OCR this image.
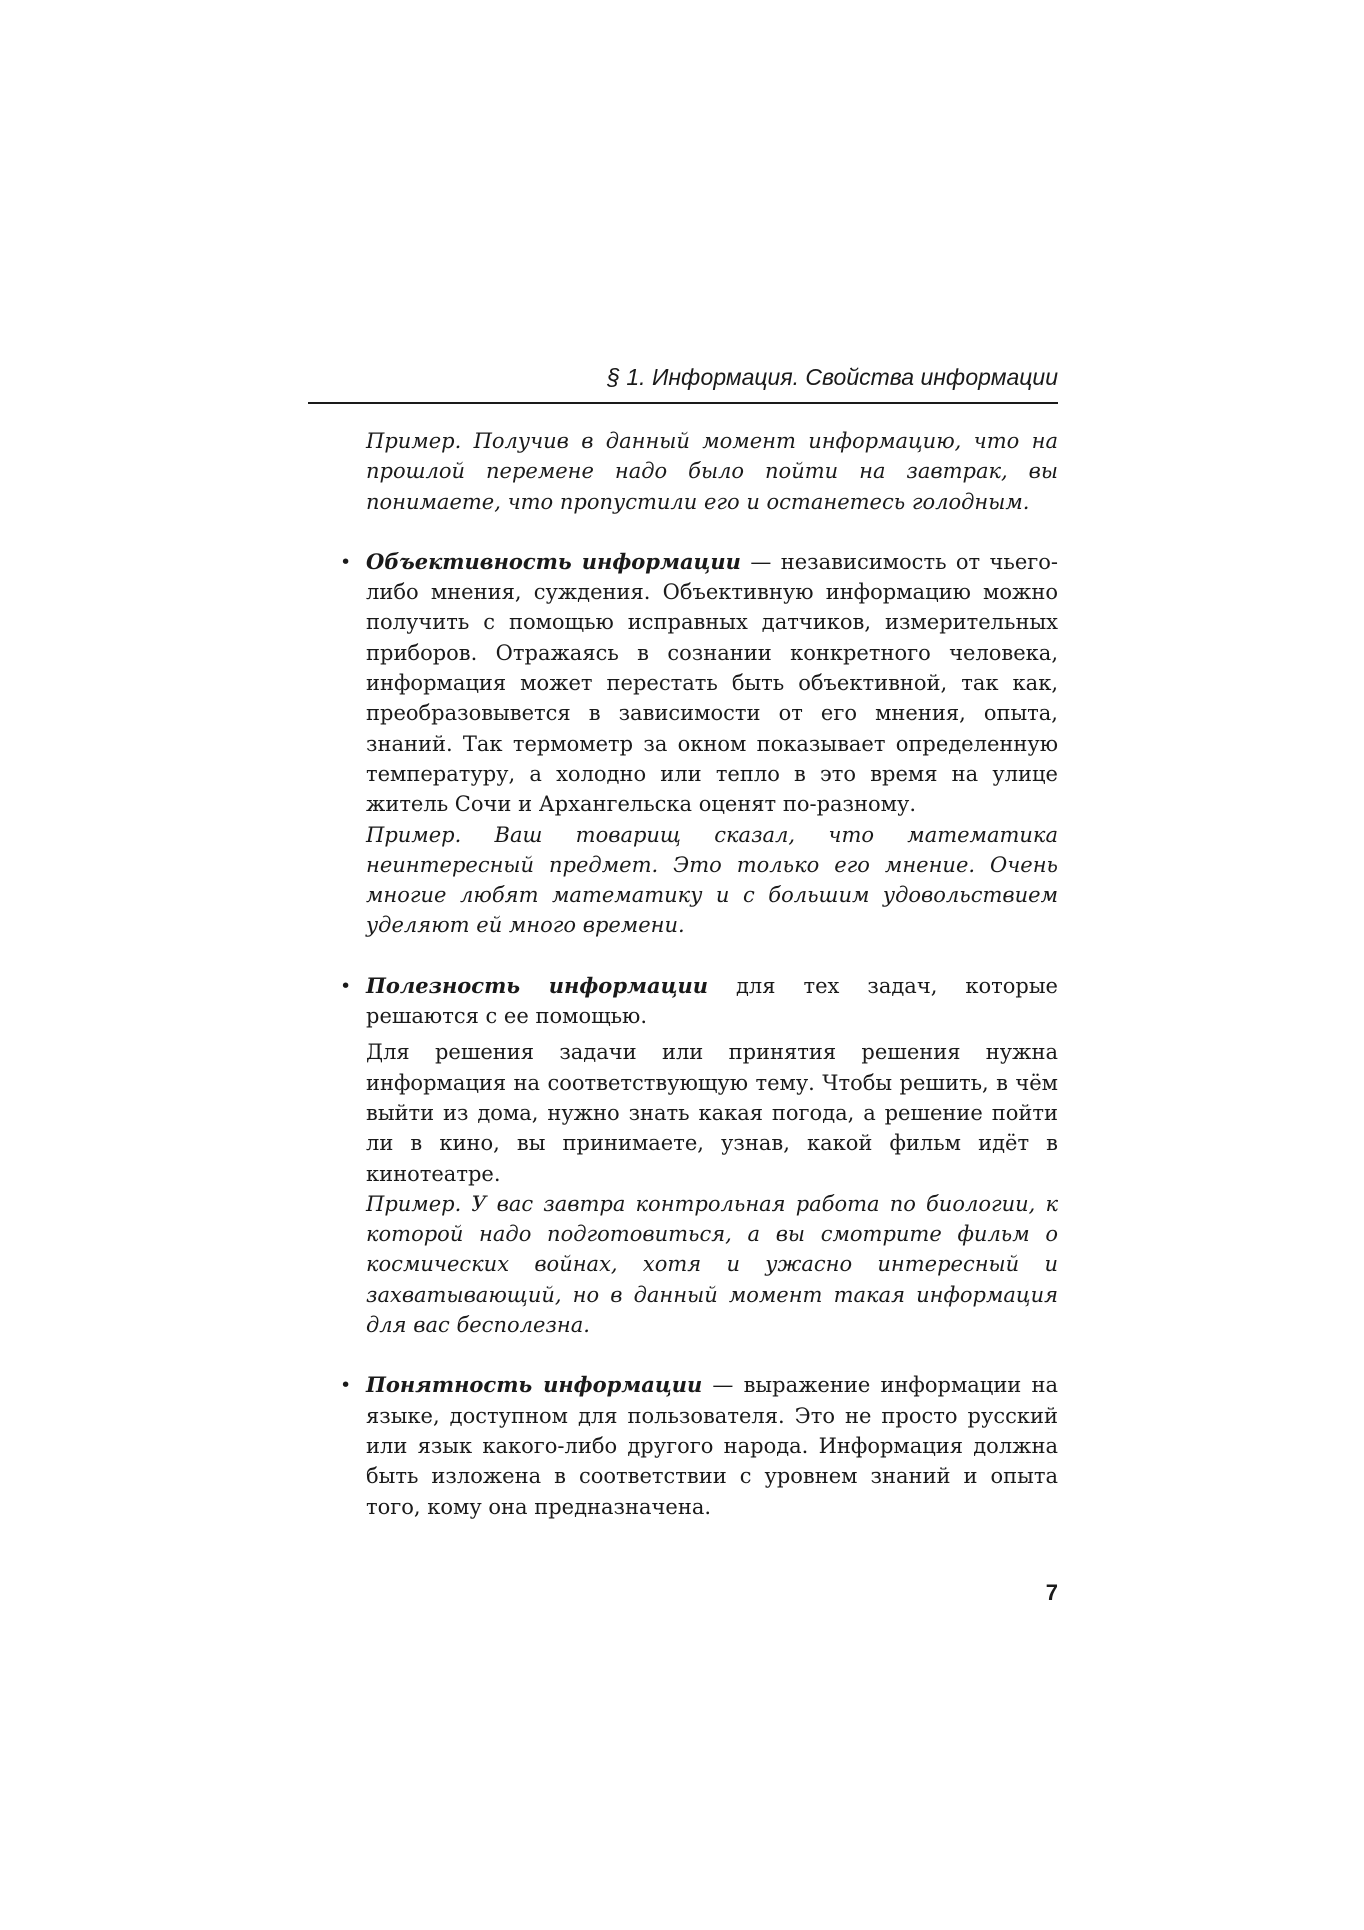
§ 1. Информация. Свойства информации

Пример. Получив в данный момент информацию, что на прошлой перемене надо было пойти на завтрак, вы понимаете, что пропустили его и останетесь голодным.

• Объективность информации — независимость от чьего-либо мнения, суждения. Объективную информацию можно получить с помощью исправных датчиков, измерительных приборов. Отражаясь в сознании конкретного человека, информация может перестать быть объективной, так как, преобразовывется в зависимости от его мнения, опыта, знаний. Так термометр за окном показывает определенную температуру, а холодно или тепло в это время на улице житель Сочи и Архангельска оценят по-разному.

Пример. Ваш товарищ сказал, что математика неинтересный предмет. Это только его мнение. Очень многие любят математику и с большим удовольствием уделяют ей много времени.

• Полезность информации для тех задач, которые решаются с ее помощью.

Для решения задачи или принятия решения нужна информация на соответствующую тему. Чтобы решить, в чём выйти из дома, нужно знать какая погода, а решение пойти ли в кино, вы принимаете, узнав, какой фильм идёт в кинотеатре.

Пример. У вас завтра контрольная работа по биологии, к которой надо подготовиться, а вы смотрите фильм о космических войнах, хотя и ужасно интересный и захватывающий, но в данный момент такая информация для вас бесполезна.

• Понятность информации — выражение информации на языке, доступном для пользователя. Это не просто русский или язык какого-либо другого народа. Информация должна быть изложена в соответствии с уровнем знаний и опыта того, кому она предназначена.

7
